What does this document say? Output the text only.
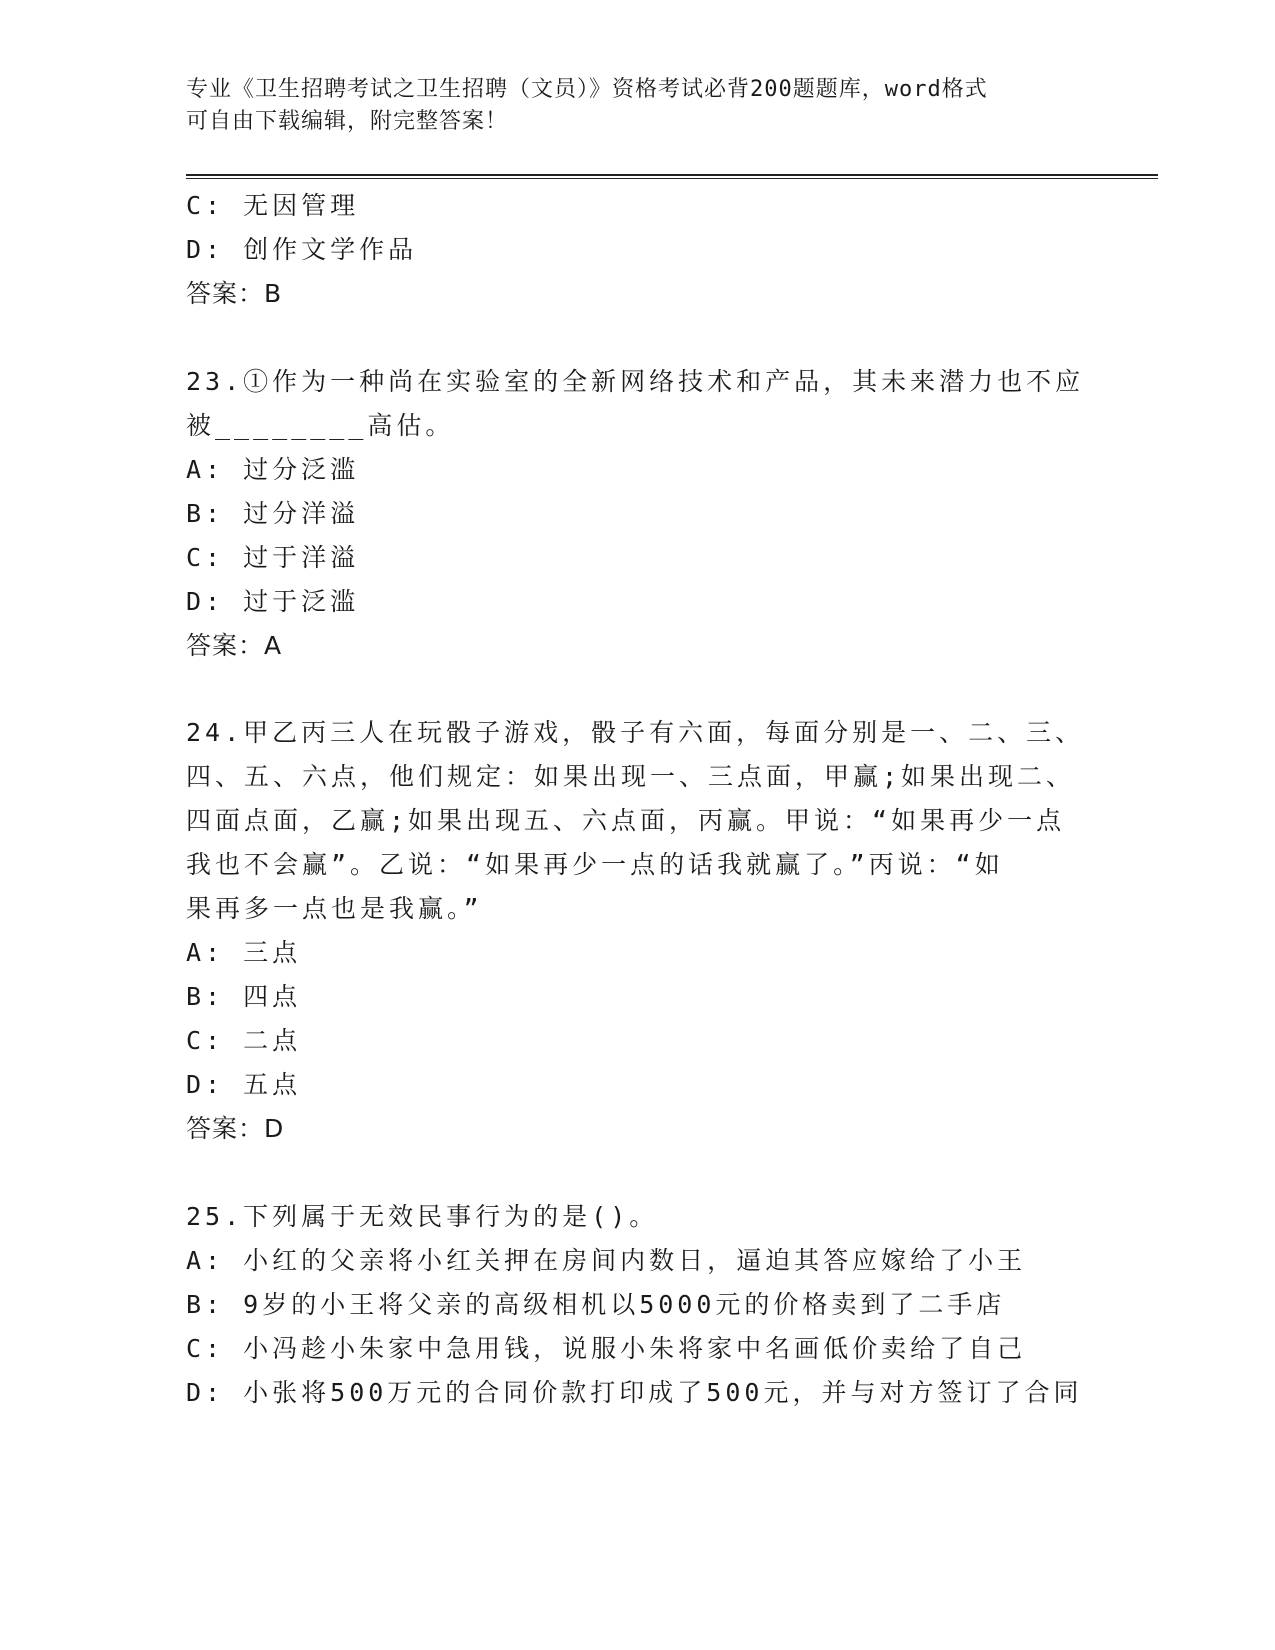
专业《卫生招聘考试之卫生招聘（文员）》资格考试必背200题题库，word格式
可自由下载编辑，附完整答案！
C: 无因管理
D: 创作文学作品
答案：B
23.①作为一种尚在实验室的全新网络技术和产品，其未来潜力也不应
被________高估。
A: 过分泛滥
B: 过分洋溢
C: 过于洋溢
D: 过于泛滥
答案：A
24.甲乙丙三人在玩骰子游戏，骰子有六面，每面分别是一、二、三、
四、五、六点，他们规定：如果出现一、三点面，甲赢;如果出现二、
四面点面，乙赢;如果出现五、六点面，丙赢。甲说：“如果再少一点
我也不会赢”。乙说：“如果再少一点的话我就赢了。”丙说：“如
果再多一点也是我赢。”
A: 三点
B: 四点
C: 二点
D: 五点
答案：D
25.下列属于无效民事行为的是()。
A: 小红的父亲将小红关押在房间内数日，逼迫其答应嫁给了小王
B: 9岁的小王将父亲的高级相机以5000元的价格卖到了二手店
C: 小冯趁小朱家中急用钱，说服小朱将家中名画低价卖给了自己
D: 小张将500万元的合同价款打印成了500元，并与对方签订了合同
